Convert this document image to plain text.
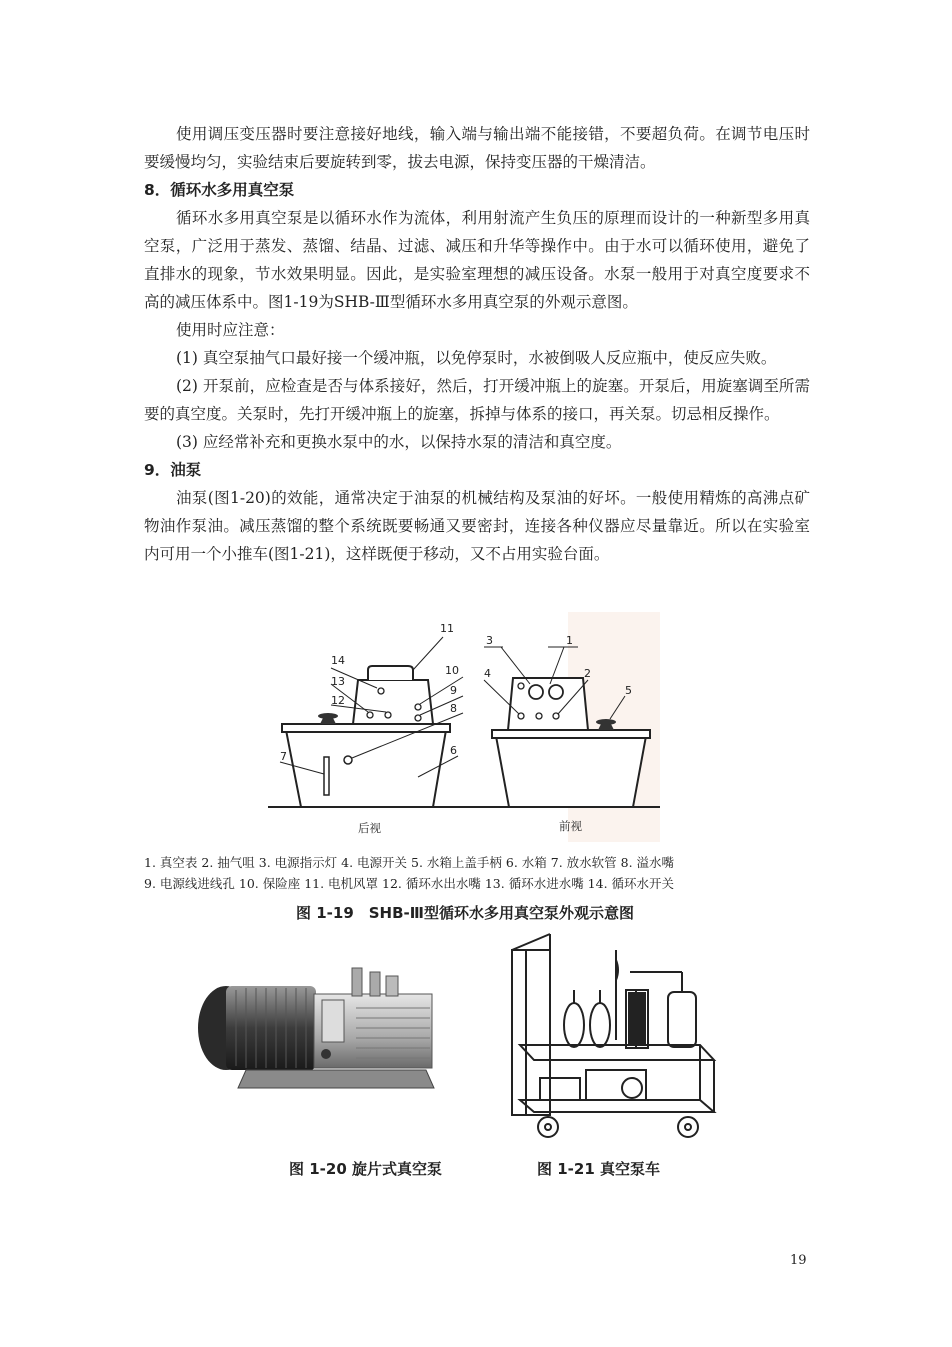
使用调压变压器时要注意接好地线，输入端与输出端不能接错，不要超负荷。在调节电压时要缓慢均匀，实验结束后要旋转到零，拔去电源，保持变压器的干燥清洁。

8．循环水多用真空泵

循环水多用真空泵是以循环水作为流体，利用射流产生负压的原理而设计的一种新型多用真空泵，广泛用于蒸发、蒸馏、结晶、过滤、减压和升华等操作中。由于水可以循环使用，避免了直排水的现象，节水效果明显。因此，是实验室理想的减压设备。水泵一般用于对真空度要求不高的减压体系中。图1-19为SHB-Ⅲ型循环水多用真空泵的外观示意图。

使用时应注意：

(1) 真空泵抽气口最好接一个缓冲瓶，以免停泵时，水被倒吸人反应瓶中，使反应失败。

(2) 开泵前，应检查是否与体系接好，然后，打开缓冲瓶上的旋塞。开泵后，用旋塞调至所需要的真空度。关泵时，先打开缓冲瓶上的旋塞，拆掉与体系的接口，再关泵。切忌相反操作。

(3) 应经常补充和更换水泵中的水，以保持水泵的清洁和真空度。

9．油泵

油泵(图1-20)的效能，通常决定于油泵的机械结构及泵油的好坏。一般使用精炼的高沸点矿物油作泵油。减压蒸馏的整个系统既要畅通又要密封，连接各种仪器应尽量靠近。所以在实验室内可用一个小推车(图1-21)，这样既便于移动，又不占用实验台面。

11
14
13
12
10
9
8
6
7
3	1
4	2
5
后视	前视
1. 真空表 2. 抽气咀 3. 电源指示灯 4. 电源开关 5. 水箱上盖手柄 6. 水箱 7. 放水软管 8. 溢水嘴
9. 电源线进线孔 10. 保险座 11. 电机风罩 12. 循环水出水嘴 13. 循环水进水嘴 14. 循环水开关
图 1-19　SHB-Ⅲ型循环水多用真空泵外观示意图
图 1-20 旋片式真空泵	图 1-21 真空泵车
19
